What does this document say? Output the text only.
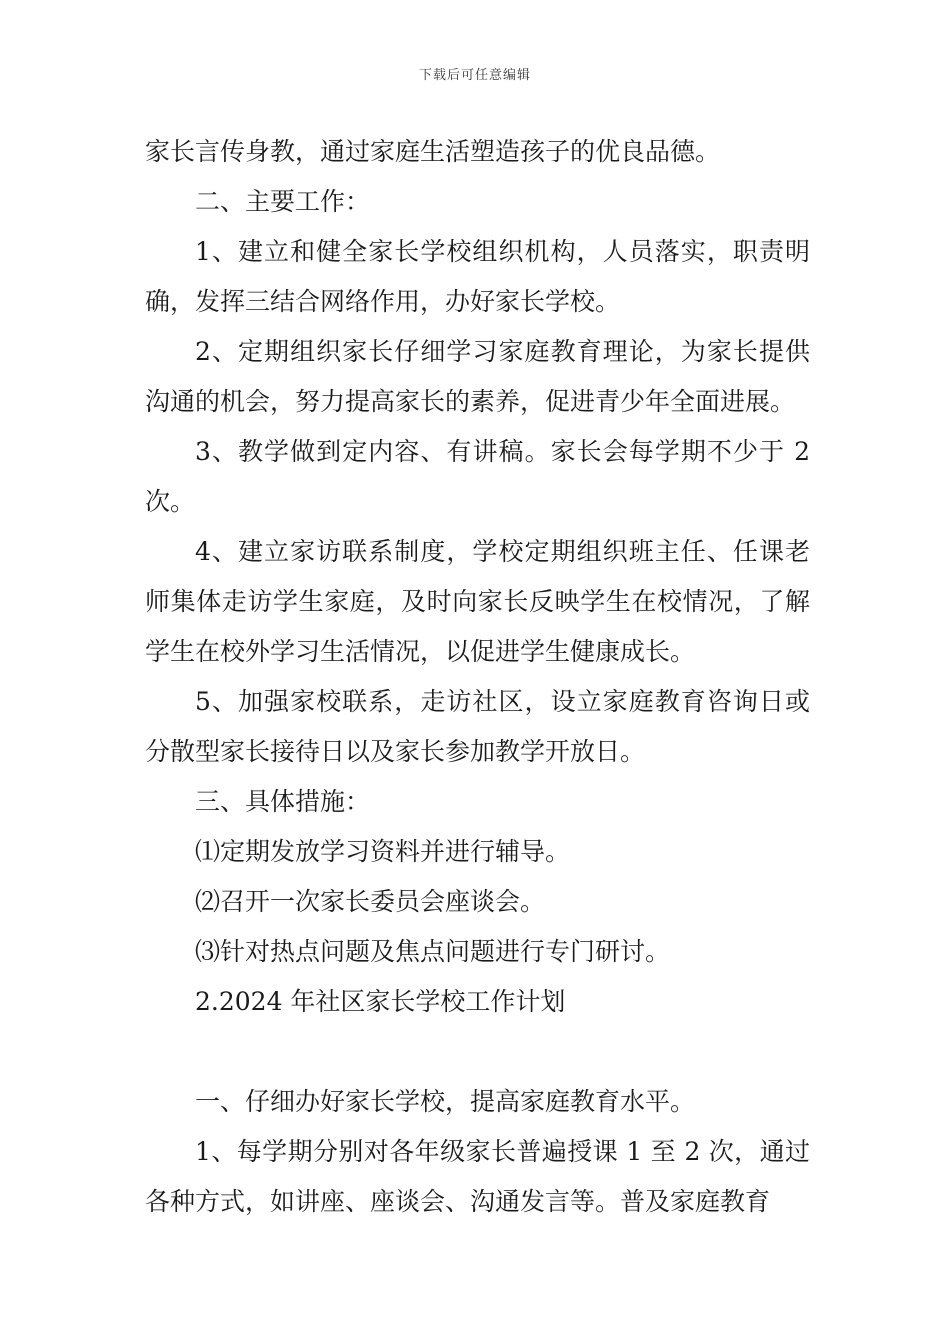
下载后可任意编辑

家长言传身教，通过家庭生活塑造孩子的优良品德。

二、主要工作：

1、建立和健全家长学校组织机构，人员落实，职责明确，发挥三结合网络作用，办好家长学校。

2、定期组织家长仔细学习家庭教育理论，为家长提供沟通的机会，努力提高家长的素养，促进青少年全面进展。

3、教学做到定内容、有讲稿。家长会每学期不少于 2 次。

4、建立家访联系制度，学校定期组织班主任、任课老师集体走访学生家庭，及时向家长反映学生在校情况，了解学生在校外学习生活情况，以促进学生健康成长。

5、加强家校联系，走访社区，设立家庭教育咨询日或分散型家长接待日以及家长参加教学开放日。

三、具体措施：

⑴定期发放学习资料并进行辅导。

⑵召开一次家长委员会座谈会。

⑶针对热点问题及焦点问题进行专门研讨。

2.2024 年社区家长学校工作计划

一、仔细办好家长学校，提高家庭教育水平。

1、每学期分别对各年级家长普遍授课 1 至 2 次，通过各种方式，如讲座、座谈会、沟通发言等。普及家庭教育
